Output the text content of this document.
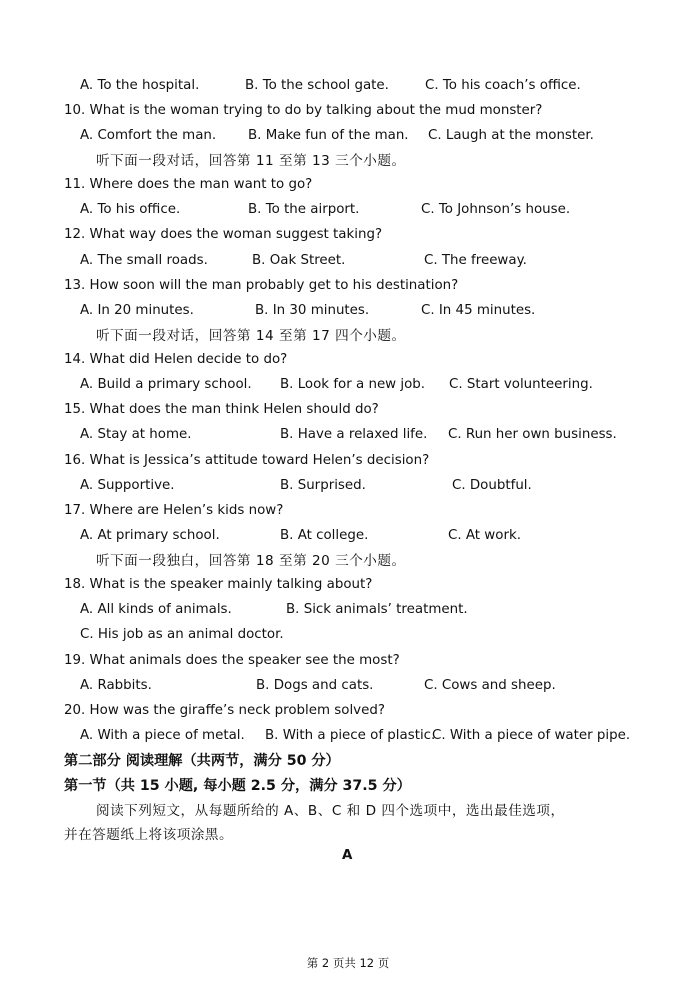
A. To the hospital.	B. To the school gate.	C. To his coach’s office.
10. What is the woman trying to do by talking about the mud monster?
A. Comfort the man. B. Make fun of the man. C. Laugh at the monster.
听下面一段对话，回答第 11 至第 13 三个小题。
11. Where does the man want to go?
A. To his office.	B. To the airport.	C. To Johnson’s house.
12. What way does the woman suggest taking?
A. The small roads.	B. Oak Street.	C. The freeway.
13. How soon will the man probably get to his destination?
A. In 20 minutes.	B. In 30 minutes.	C. In 45 minutes.
听下面一段对话，回答第 14 至第 17 四个小题。
14. What did Helen decide to do?
A. Build a primary school. B. Look for a new job. C. Start volunteering.
15. What does the man think Helen should do?
A. Stay at home.	B. Have a relaxed life. C. Run her own business.
16. What is Jessica’s attitude toward Helen’s decision?
A. Supportive.	B. Surprised.	C. Doubtful.
17. Where are Helen’s kids now?
A. At primary school.	B. At college.	C. At work.
听下面一段独白，回答第 18 至第 20 三个小题。
18. What is the speaker mainly talking about?
A. All kinds of animals.	B. Sick animals’ treatment.
C. His job as an animal doctor.
19. What animals does the speaker see the most?
A. Rabbits.	B. Dogs and cats.	C. Cows and sheep.
20. How was the giraffe’s neck problem solved?
A. With a piece of metal. B. With a piece of plastic.
C. With a piece of water pipe.
第二部分 阅读理解（共两节，满分 50 分）
第一节（共 15 小题, 每小题 2.5 分，满分 37.5 分）
阅读下列短文，从每题所给的 A、B、C 和 D 四个选项中，选出最佳选项，
并在答题纸上将该项涂黑。
A
第 2 页共 12 页
